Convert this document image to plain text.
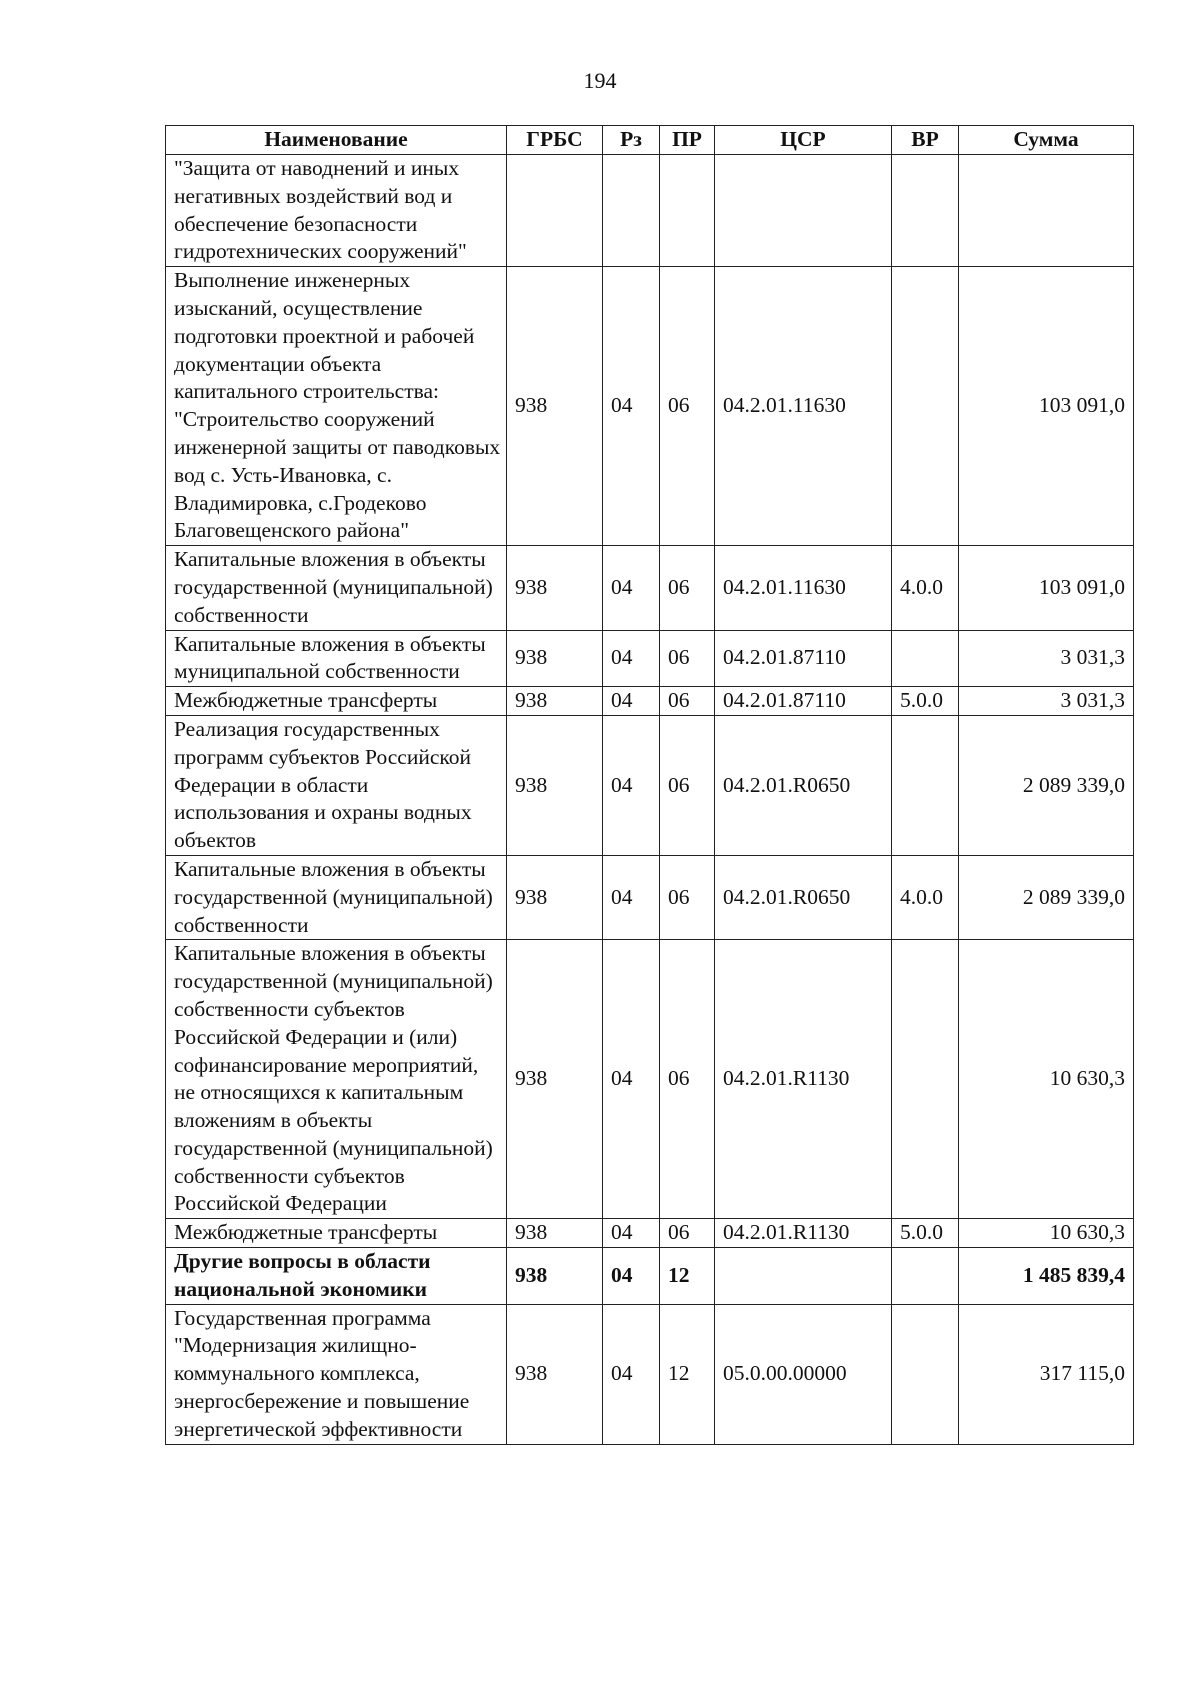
194
Наименование	ГРБС	Рз	ПР	ЦСР	ВР	Сумма
"Защита от наводнений и иных негативных воздействий вод и обеспечение безопасности гидротехнических сооружений"						
Выполнение инженерных изысканий, осуществление подготовки проектной и рабочей документации объекта капитального строительства: "Строительство сооружений инженерной защиты от паводковых вод с. Усть-Ивановка, с. Владимировка, с.Гродеково Благовещенского района"	938	04	06	04.2.01.11630		103 091,0
Капитальные вложения в объекты государственной (муниципальной) собственности	938	04	06	04.2.01.11630	4.0.0	103 091,0
Капитальные вложения в объекты муниципальной собственности	938	04	06	04.2.01.87110		3 031,3
Межбюджетные трансферты	938	04	06	04.2.01.87110	5.0.0	3 031,3
Реализация государственных программ субъектов Российской Федерации в области использования и охраны водных объектов	938	04	06	04.2.01.R0650		2 089 339,0
Капитальные вложения в объекты государственной (муниципальной) собственности	938	04	06	04.2.01.R0650	4.0.0	2 089 339,0
Капитальные вложения в объекты государственной (муниципальной) собственности субъектов Российской Федерации и (или) софинансирование мероприятий, не относящихся к капитальным вложениям в объекты государственной (муниципальной) собственности субъектов Российской Федерации	938	04	06	04.2.01.R1130		10 630,3
Межбюджетные трансферты	938	04	06	04.2.01.R1130	5.0.0	10 630,3
Другие вопросы в области национальной экономики	938	04	12			1 485 839,4
Государственная программа "Модернизация жилищно-коммунального комплекса, энергосбережение и повышение энергетической эффективности	938	04	12	05.0.00.00000		317 115,0
